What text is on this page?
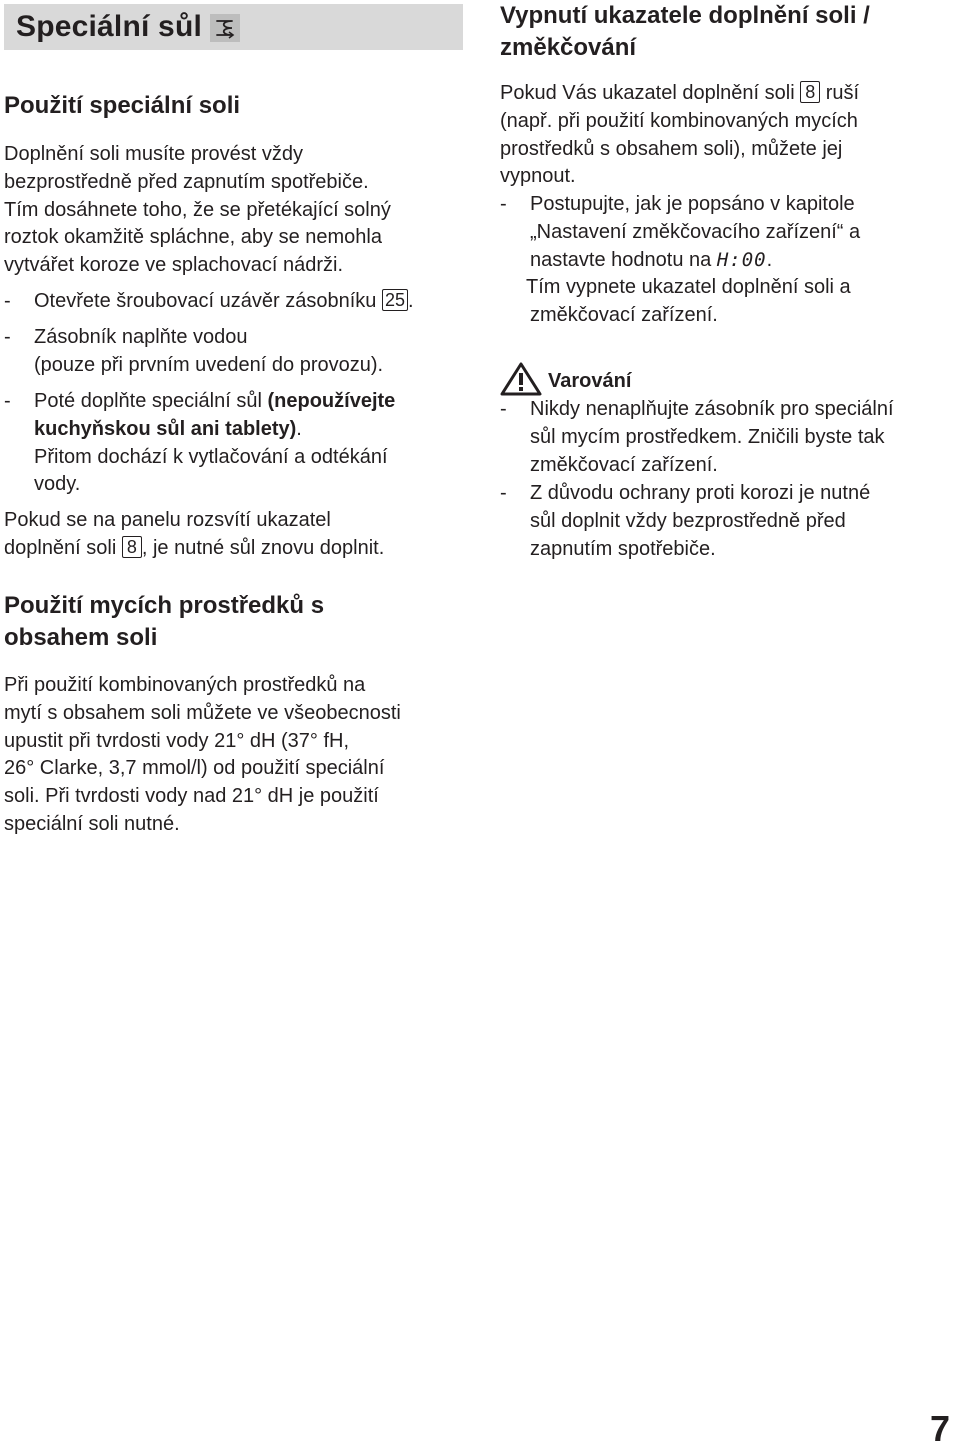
Speciální sůl
Použití speciální soli

Doplnění soli musíte provést vždy

bezprostředně před zapnutím spotřebiče.

Tím dosáhnete toho, že se přetékající solný

roztok okamžitě spláchne, aby se nemohla

vytvářet koroze ve splachovací nádrži.

- Otevřete šroubovací uzávěr zásobníku 25 .
- Zásobník naplňte vodou

(pouze při prvním uvedení do provozu).

- Poté doplňte speciální sůl (nepoužívejte

kuchyňskou sůl ani tablety).

Přitom dochází k vytlačování a odtékání

vody.

Pokud se na panelu rozsvítí ukazatel

doplnění soli 8 , je nutné sůl znovu doplnit.

Použití mycích prostředků s

obsahem soli

Při použití kombinovaných prostředků na

mytí s obsahem soli můžete ve všeobecnosti

upustit při tvrdosti vody 21° dH (37° fH,

26° Clarke, 3,7 mmol/l) od použití speciální

soli. Při tvrdosti vody nad 21° dH je použití

speciální soli nutné.

Vypnutí ukazatele doplnění soli /

změkčování

Pokud Vás ukazatel doplnění soli 8 ruší

(např. při použití kombinovaných mycích

prostředků s obsahem soli), můžete jej

vypnout.

- Postupujte, jak je popsáno v kapitole

„Nastavení změkčovacího zařízení“ a

nastavte hodnotu na H:00.

Tím vypnete ukazatel doplnění soli a

změkčovací zařízení.

Varování
- Nikdy nenaplňujte zásobník pro speciální

sůl mycím prostředkem. Zničili byste tak

změkčovací zařízení.

- Z důvodu ochrany proti korozi je nutné

sůl doplnit vždy bezprostředně před

zapnutím spotřebiče.

7
